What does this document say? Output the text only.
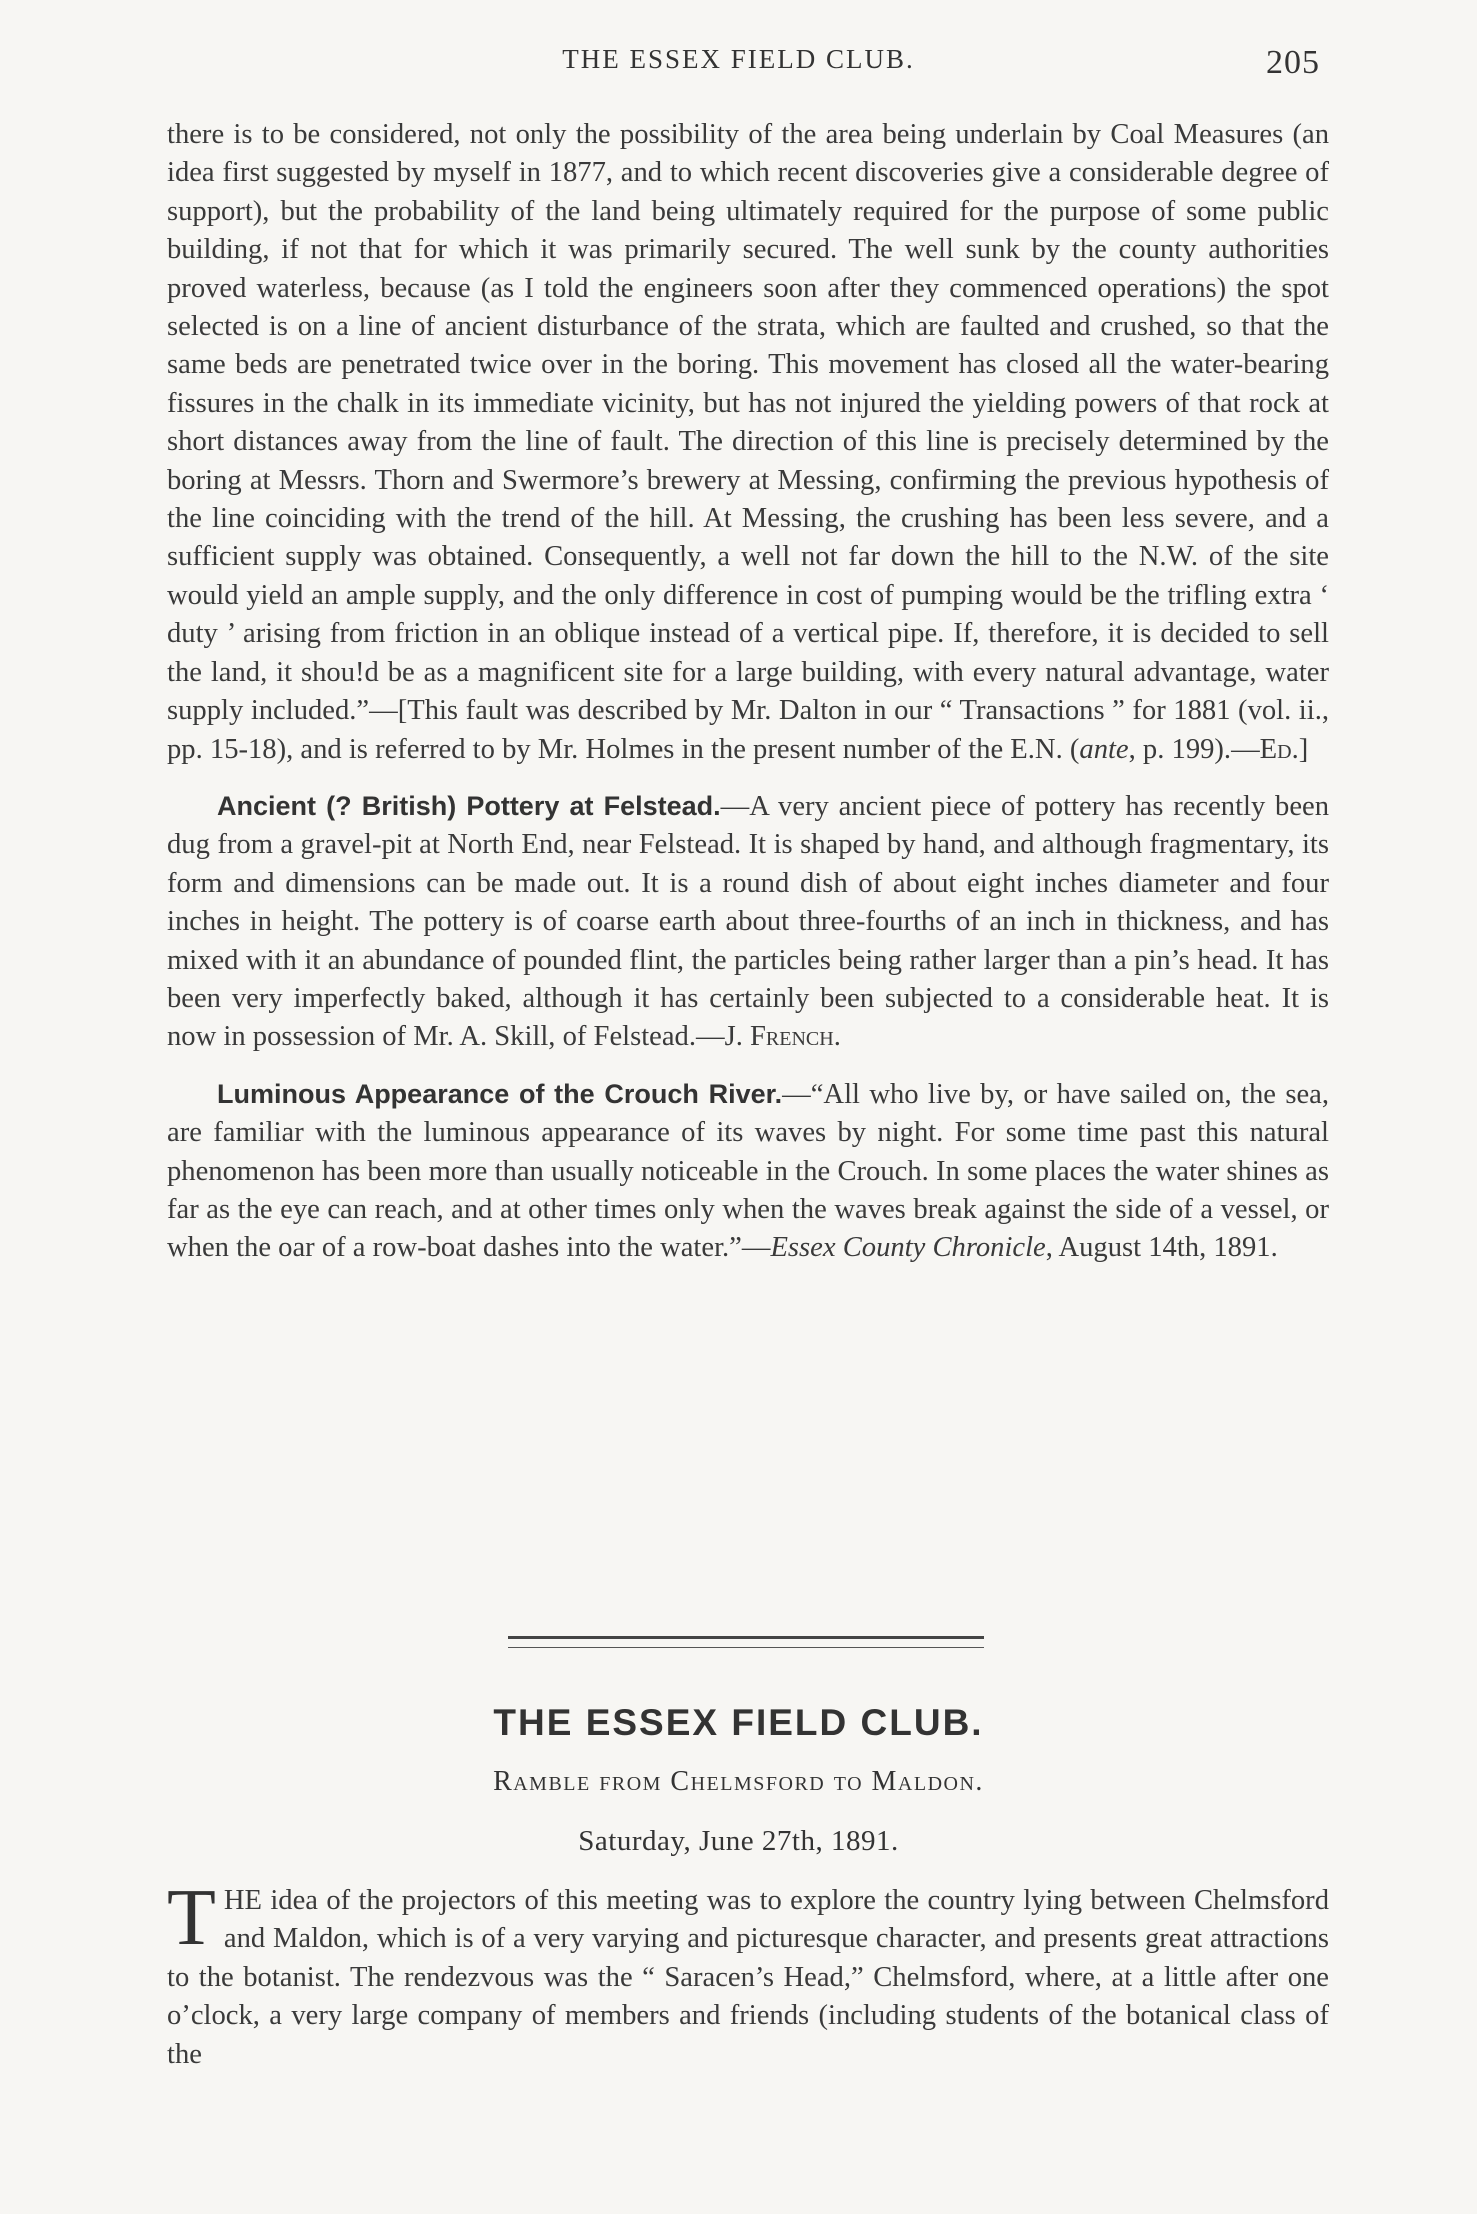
THE ESSEX FIELD CLUB.	205

there is to be considered, not only the possibility of the area being underlain by Coal Measures (an idea first suggested by myself in 1877, and to which recent discoveries give a considerable degree of support), but the probability of the land being ultimately required for the purpose of some public building, if not that for which it was primarily secured. The well sunk by the county authorities proved waterless, because (as I told the engineers soon after they commenced operations) the spot selected is on a line of ancient disturbance of the strata, which are faulted and crushed, so that the same beds are penetrated twice over in the boring. This movement has closed all the water-bearing fissures in the chalk in its immediate vicinity, but has not injured the yielding powers of that rock at short distances away from the line of fault. The direction of this line is precisely determined by the boring at Messrs. Thorn and Swermore’s brewery at Messing, confirming the previous hypothesis of the line coinciding with the trend of the hill. At Messing, the crushing has been less severe, and a sufficient supply was obtained. Consequently, a well not far down the hill to the N.W. of the site would yield an ample supply, and the only difference in cost of pumping would be the trifling extra ‘ duty ’ arising from friction in an oblique instead of a vertical pipe. If, therefore, it is decided to sell the land, it shou!d be as a magnificent site for a large building, with every natural advantage, water supply included.”—[This fault was described by Mr. Dalton in our “ Transactions ” for 1881 (vol. ii., pp. 15-18), and is referred to by Mr. Holmes in the present number of the E.N. (ante, p. 199).—Ed.]

Ancient (? British) Pottery at Felstead.—A very ancient piece of pottery has recently been dug from a gravel-pit at North End, near Felstead. It is shaped by hand, and although fragmentary, its form and dimensions can be made out. It is a round dish of about eight inches diameter and four inches in height. The pottery is of coarse earth about three-fourths of an inch in thickness, and has mixed with it an abundance of pounded flint, the particles being rather larger than a pin’s head. It has been very imperfectly baked, although it has certainly been subjected to a considerable heat. It is now in possession of Mr. A. Skill, of Felstead.—J. French.

Luminous Appearance of the Crouch River.—“All who live by, or have sailed on, the sea, are familiar with the luminous appearance of its waves by night. For some time past this natural phenomenon has been more than usually noticeable in the Crouch. In some places the water shines as far as the eye can reach, and at other times only when the waves break against the side of a vessel, or when the oar of a row-boat dashes into the water.”—Essex County Chronicle, August 14th, 1891.

THE ESSEX FIELD CLUB.
Ramble from Chelmsford to Maldon.
Saturday, June 27th, 1891.
THE idea of the projectors of this meeting was to explore the country lying between Chelmsford and Maldon, which is of a very varying and picturesque character, and presents great attractions to the botanist. The rendezvous was the “ Saracen’s Head,” Chelmsford, where, at a little after one o’clock, a very large company of members and friends (including students of the botanical class of the
